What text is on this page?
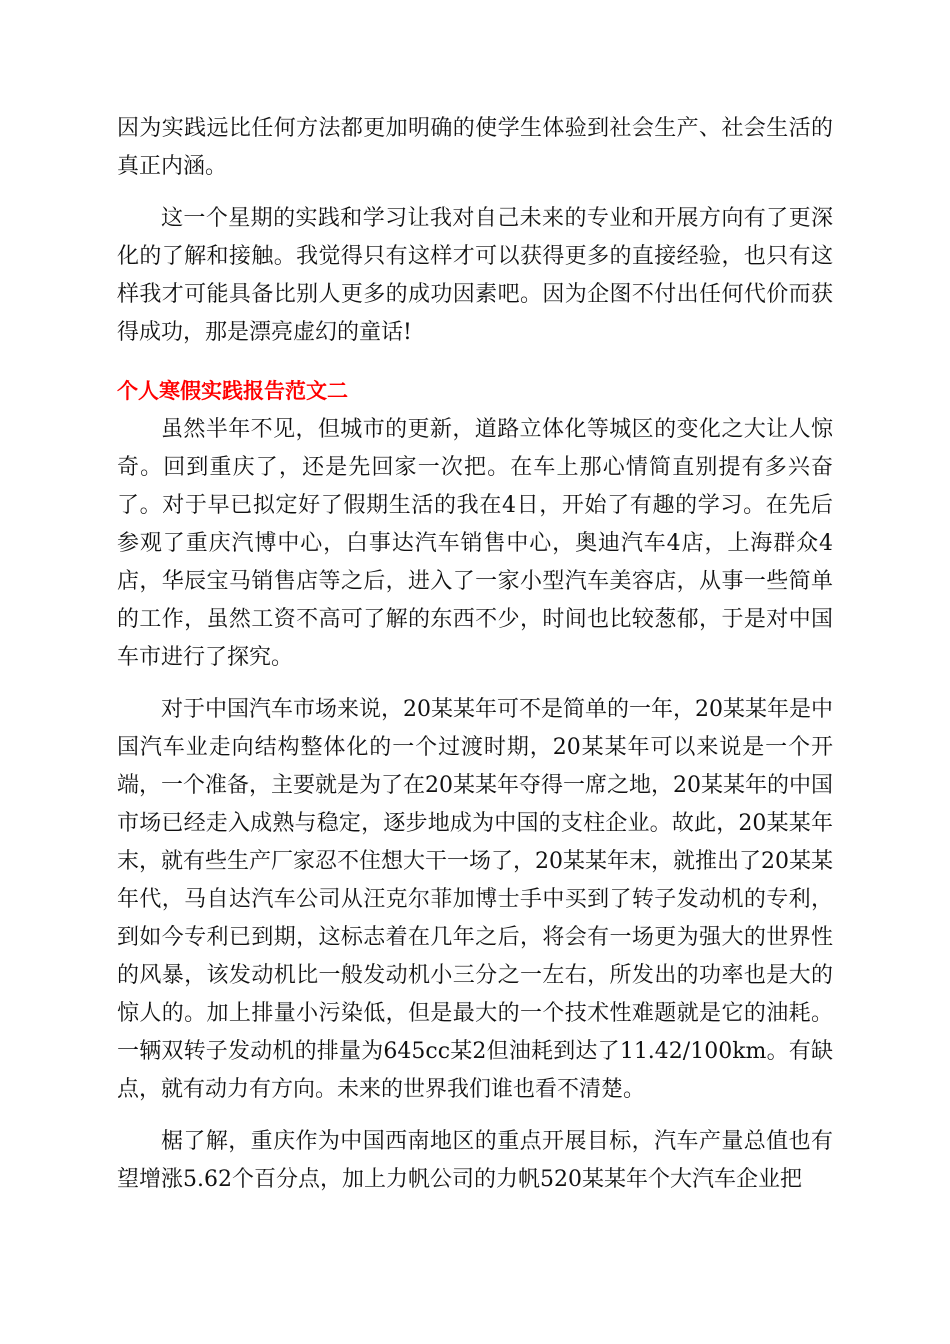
因为实践远比任何方法都更加明确的使学生体验到社会生产、社会生活的真正内涵。

这一个星期的实践和学习让我对自己未来的专业和开展方向有了更深化的了解和接触。我觉得只有这样才可以获得更多的直接经验，也只有这样我才可能具备比别人更多的成功因素吧。因为企图不付出任何代价而获得成功，那是漂亮虚幻的童话!

个人寒假实践报告范文二

虽然半年不见，但城市的更新，道路立体化等城区的变化之大让人惊奇。回到重庆了，还是先回家一次把。在车上那心情简直别提有多兴奋了。对于早已拟定好了假期生活的我在4日，开始了有趣的学习。在先后参观了重庆汽博中心，白事达汽车销售中心，奥迪汽车4店，上海群众4店，华辰宝马销售店等之后，进入了一家小型汽车美容店，从事一些简单的工作，虽然工资不高可了解的东西不少，时间也比较葱郁，于是对中国车市进行了探究。

对于中国汽车市场来说，20某某年可不是简单的一年，20某某年是中国汽车业走向结构整体化的一个过渡时期，20某某年可以来说是一个开端，一个准备，主要就是为了在20某某年夺得一席之地，20某某年的中国市场已经走入成熟与稳定，逐步地成为中国的支柱企业。故此，20某某年末，就有些生产厂家忍不住想大干一场了，20某某年末，就推出了20某某年代，马自达汽车公司从汪克尔菲加博士手中买到了转子发动机的专利，到如今专利已到期，这标志着在几年之后，将会有一场更为强大的世界性的风暴，该发动机比一般发动机小三分之一左右，所发出的功率也是大的惊人的。加上排量小污染低，但是最大的一个技术性难题就是它的油耗。一辆双转子发动机的排量为645cc某2但油耗到达了11.42/100km。有缺点，就有动力有方向。未来的世界我们谁也看不清楚。

椐了解，重庆作为中国西南地区的重点开展目标，汽车产量总值也有望增涨5.62个百分点，加上力帆公司的力帆520某某年个大汽车企业把
